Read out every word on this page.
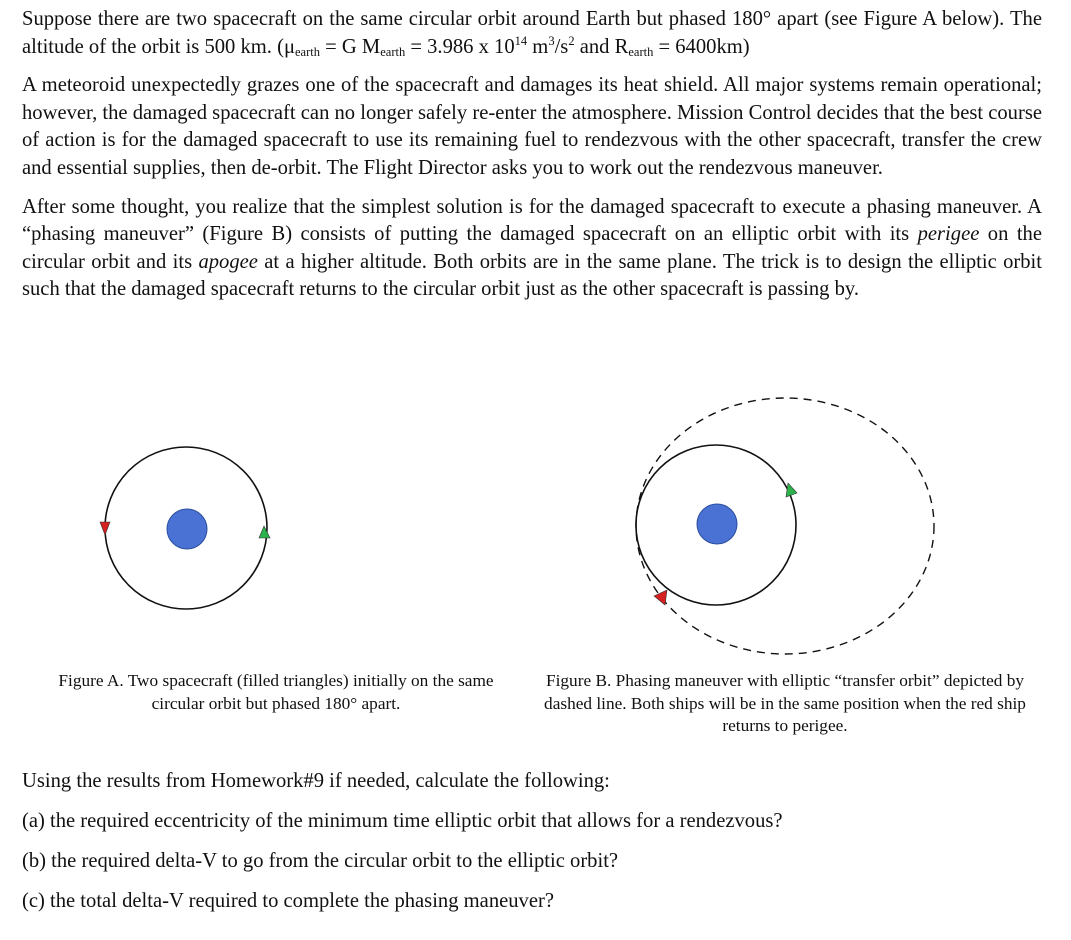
Suppose there are two spacecraft on the same circular orbit around Earth but phased 180° apart (see Figure A below). The altitude of the orbit is 500 km. ($\mu_{earth} = G$ $M_{earth} = 3.986$ x $10^{14}$ $m^3/s^2$ and $R_{earth} = 6400km$)

A meteoroid unexpectedly grazes one of the spacecraft and damages its heat shield. All major systems remain operational; however, the damaged spacecraft can no longer safely re-enter the atmosphere. Mission Control decides that the best course of action is for the damaged spacecraft to use its remaining fuel to rendezvous with the other spacecraft, transfer the crew and essential supplies, then de-orbit. The Flight Director asks you to work out the rendezvous maneuver.

After some thought, you realize that the simplest solution is for the damaged spacecraft to execute a phasing maneuver. A “phasing maneuver” (Figure B) consists of putting the damaged spacecraft on an elliptic orbit with its perigee on the circular orbit and its apogee at a higher altitude. Both orbits are in the same plane. The trick is to design the elliptic orbit such that the damaged spacecraft returns to the circular orbit just as the other spacecraft is passing by.

Figure A. Two spacecraft (filled triangles) initially on the same circular orbit but phased 180° apart.

Figure B. Phasing maneuver with elliptic “transfer orbit” depicted by dashed line. Both ships will be in the same position when the red ship returns to perigee.

Using the results from Homework#9 if needed, calculate the following:

(a) the required eccentricity of the minimum time elliptic orbit that allows for a rendezvous?

(b) the required delta-V to go from the circular orbit to the elliptic orbit?

(c) the total delta-V required to complete the phasing maneuver?
